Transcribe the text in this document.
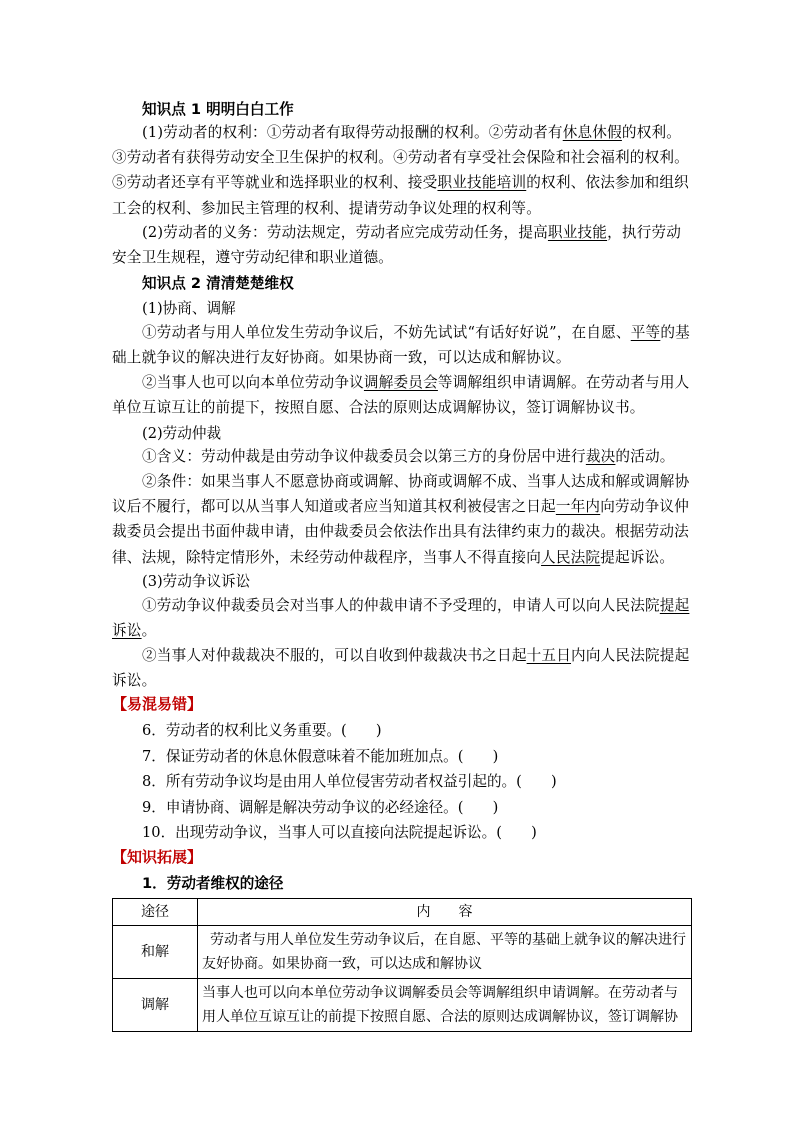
知识点 1 明明白白工作

(1)劳动者的权利：①劳动者有取得劳动报酬的权利。②劳动者有休息休假的权利。③劳动者有获得劳动安全卫生保护的权利。④劳动者有享受社会保险和社会福利的权利。⑤劳动者还享有平等就业和选择职业的权利、接受职业技能培训的权利、依法参加和组织工会的权利、参加民主管理的权利、提请劳动争议处理的权利等。

(2)劳动者的义务：劳动法规定，劳动者应完成劳动任务，提高职业技能，执行劳动安全卫生规程，遵守劳动纪律和职业道德。

知识点 2 清清楚楚维权

(1)协商、调解

①劳动者与用人单位发生劳动争议后，不妨先试试“有话好好说”，在自愿、平等的基础上就争议的解决进行友好协商。如果协商一致，可以达成和解协议。

②当事人也可以向本单位劳动争议调解委员会等调解组织申请调解。在劳动者与用人单位互谅互让的前提下，按照自愿、合法的原则达成调解协议，签订调解协议书。

(2)劳动仲裁

①含义：劳动仲裁是由劳动争议仲裁委员会以第三方的身份居中进行裁决的活动。

②条件：如果当事人不愿意协商或调解、协商或调解不成、当事人达成和解或调解协议后不履行，都可以从当事人知道或者应当知道其权利被侵害之日起一年内向劳动争议仲裁委员会提出书面仲裁申请，由仲裁委员会依法作出具有法律约束力的裁决。根据劳动法律、法规，除特定情形外，未经劳动仲裁程序，当事人不得直接向人民法院提起诉讼。

(3)劳动争议诉讼

①劳动争议仲裁委员会对当事人的仲裁申请不予受理的，申请人可以向人民法院提起诉讼。

②当事人对仲裁裁决不服的，可以自收到仲裁裁决书之日起十五日内向人民法院提起诉讼。

【易混易错】

6．劳动者的权利比义务重要。(　　)

7．保证劳动者的休息休假意味着不能加班加点。(　　)

8．所有劳动争议均是由用人单位侵害劳动者权益引起的。(　　)

9．申请协商、调解是解决劳动争议的必经途径。(　　)

10．出现劳动争议，当事人可以直接向法院提起诉讼。(　　)

【知识拓展】

1．劳动者维权的途径

途径	内　　容
和解	劳动者与用人单位发生劳动争议后，在自愿、平等的基础上就争议的解决进行友好协商。如果协商一致，可以达成和解协议
调解	当事人也可以向本单位劳动争议调解委员会等调解组织申请调解。在劳动者与用人单位互谅互让的前提下按照自愿、合法的原则达成调解协议，签订调解协
